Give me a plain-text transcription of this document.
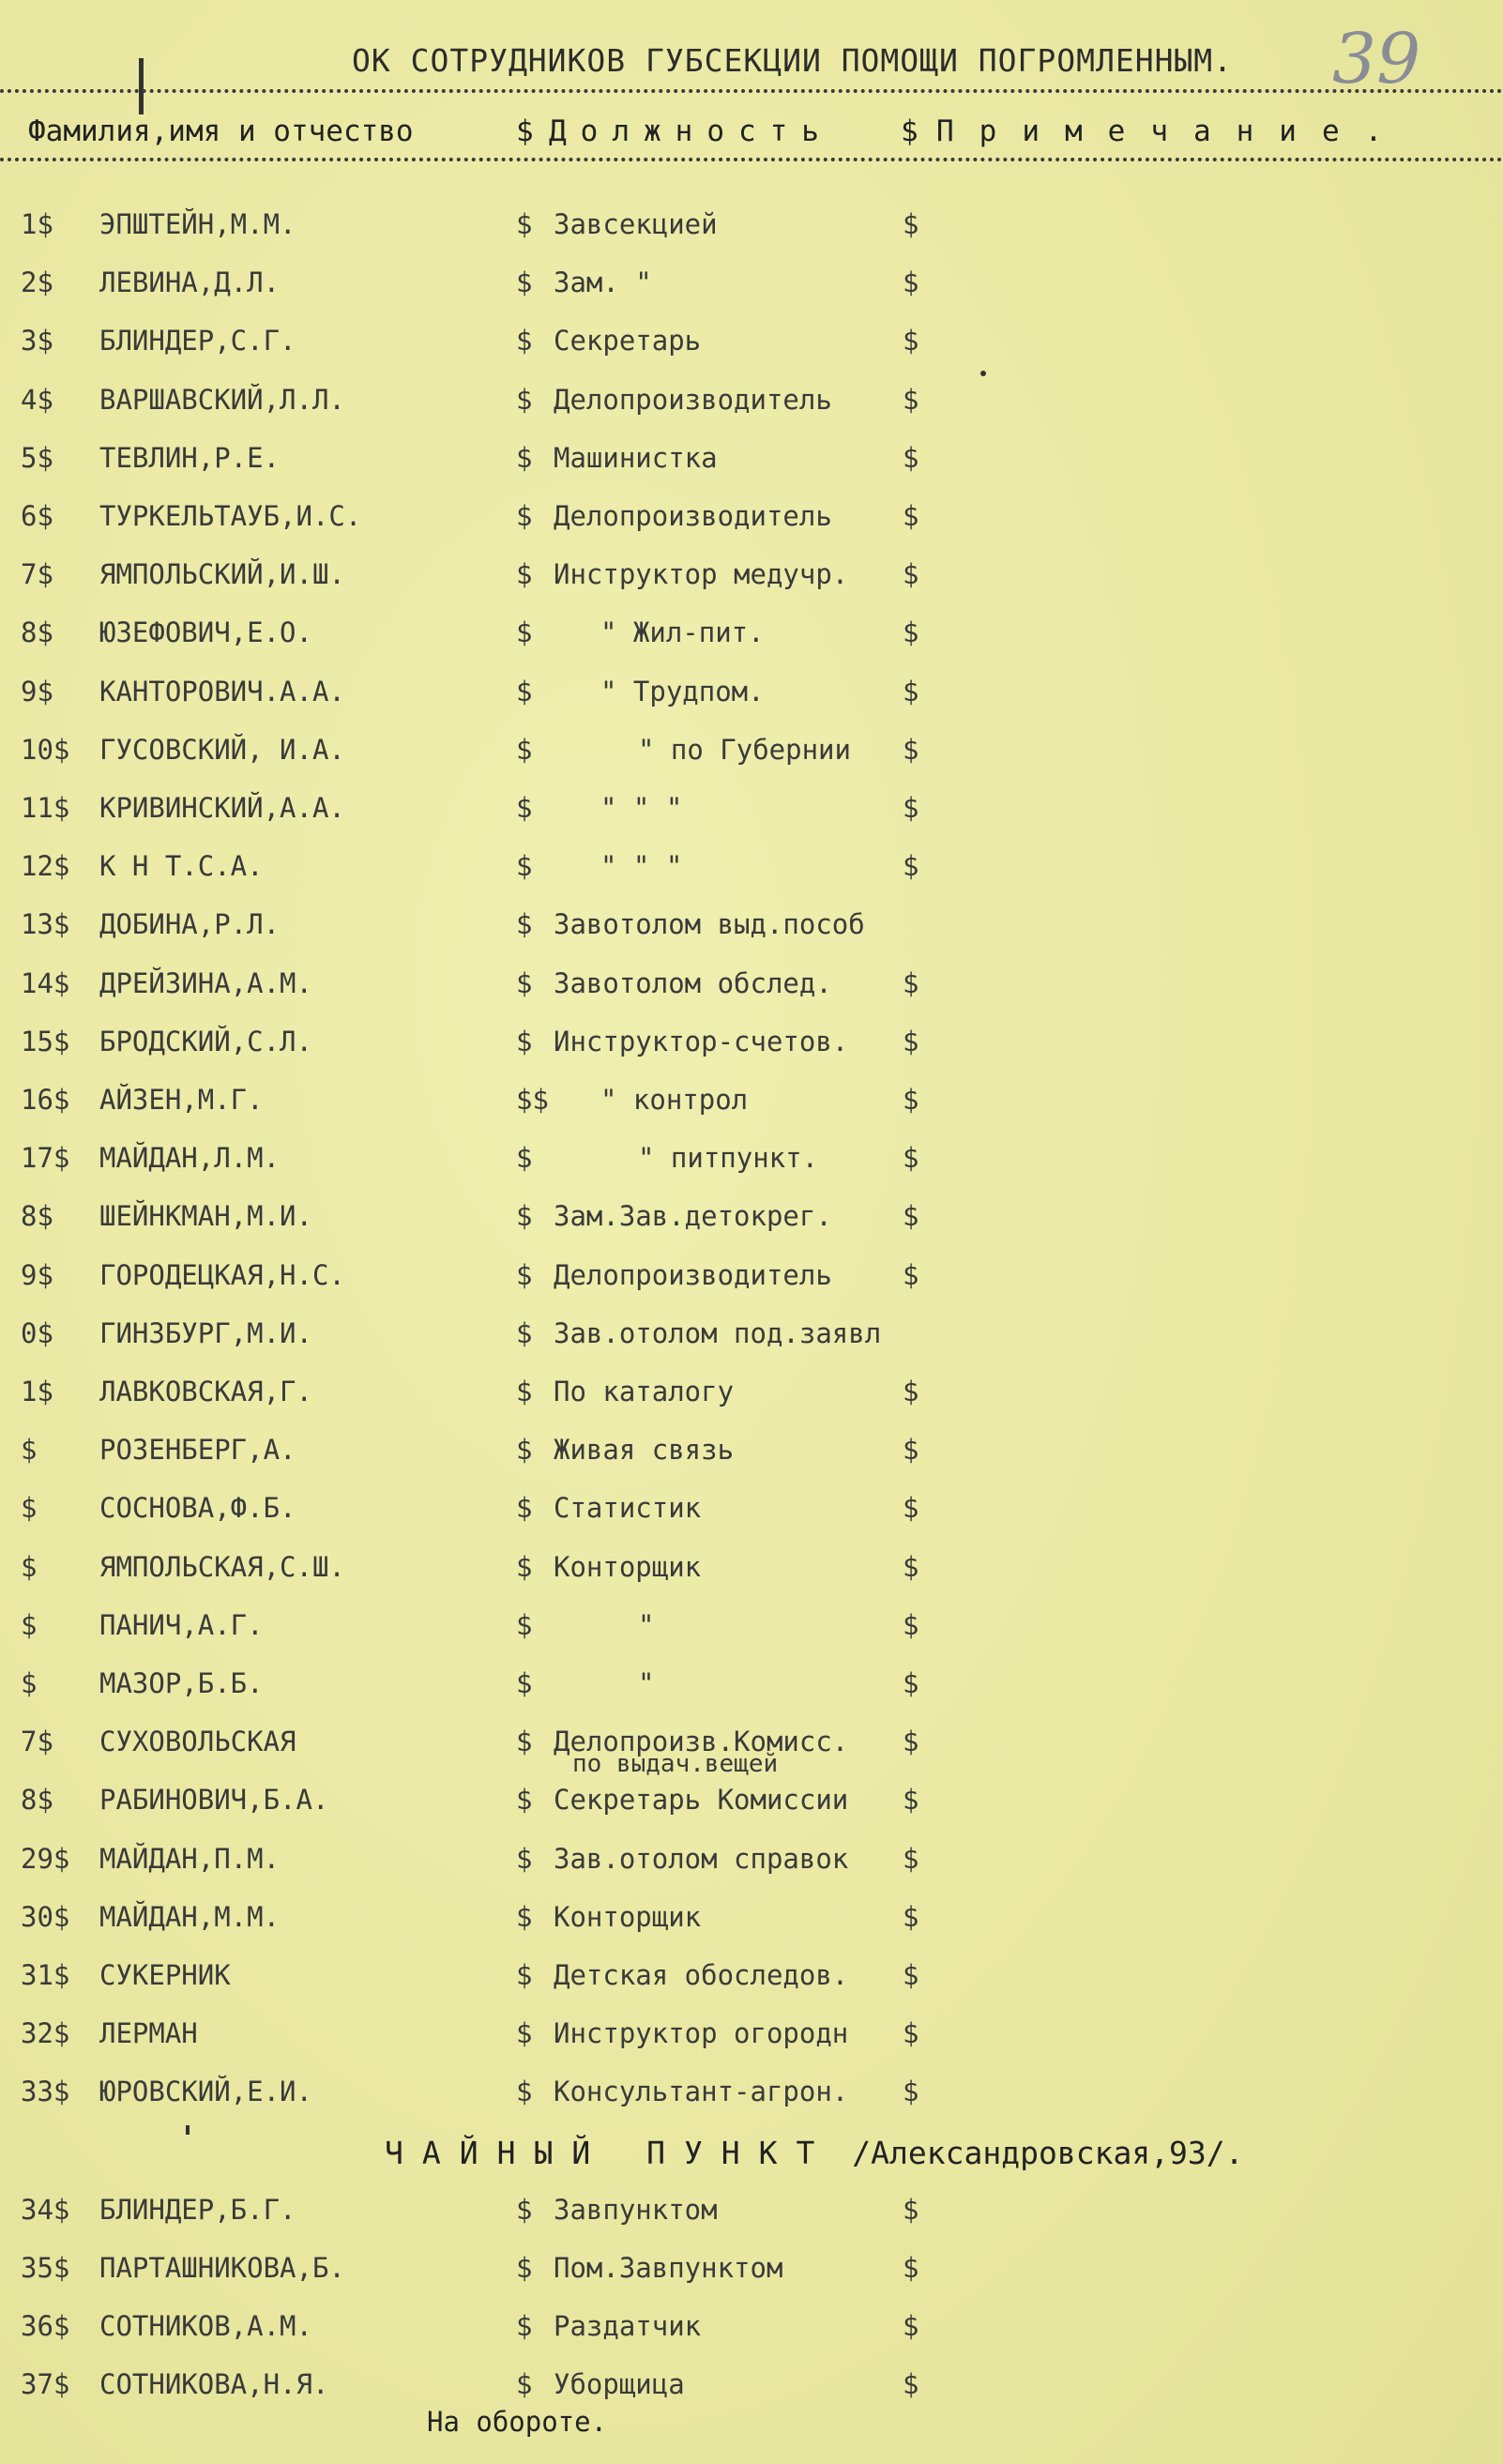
39
ОК СОТРУДНИКОВ ГУБСЕКЦИИ ПОМОЩИ ПОГРОМЛЕННЫМ.
Фамилия,имя и отчество	$ Должность $ Примечание.
1$ ЭПШТЕЙН,М.М.	$ Завсекцией	$
2$ ЛЕВИНА,Д.Л.	$ Зам. "	$
3$ БЛИНДЕР,С.Г.	$ Секретарь	$
4$ ВАРШАВСКИЙ,Л.Л.	$ Делопроизводитель	$
5$ ТЕВЛИН,Р.Е.	$ Машинистка	$
6$ ТУРКЕЛЬТАУБ,И.С.	$ Делопроизводитель	$
7$ ЯМПОЛЬСКИЙ,И.Ш.	$ Инструктор медучр. $
8$ ЮЗЕФОВИЧ,Е.О.	$	" Жил-пит.	$
9$ КАНТОРОВИЧ.А.А.	$	" Трудпом.	$
10$ ГУСОВСКИЙ, И.А.	$	" по Губернии $
11$ КРИВИНСКИЙ,А.А.	$	" " "	$
12$ К Н Т.С.А.	$	" " "	$
13$ ДОБИНА,Р.Л.	$ Завотолом выд.пособ
14$ ДРЕЙЗИНА,А.М.	$ Завотолом обслед.	$
15$ БРОДСКИЙ,С.Л.	$ Инструктор-счетов. $
16$ АЙЗЕН,М.Г.	$$ " контрол	$
17$ МАЙДАН,Л.М.	$	" питпункт.	$
8$ ШЕЙНКМАН,М.И.	$ Зам.Зав.детокрег.	$
9$ ГОРОДЕЦКАЯ,Н.С.	$ Делопроизводитель	$
0$ ГИНЗБУРГ,М.И.	$ Зав.отолом под.заявл
1$ ЛАВКОВСКАЯ,Г.	$ По каталогу	$
$ РОЗЕНБЕРГ,А.	$ Живая связь	$
$ СОСНОВА,Ф.Б.	$ Статистик	$
$ ЯМПОЛЬСКАЯ,С.Ш.	$ Конторщик	$
$ ПАНИЧ,А.Г.	$	"	$
$ МАЗОР,Б.Б.	$	"	$
7$ СУХОВОЛЬСКАЯ	$ Делопроизв.Комисс. $
по выдач.вещей
8$ РАБИНОВИЧ,Б.А.	$ Секретарь Комиссии $
29$ МАЙДАН,П.М.	$ Зав.отолом справок $
30$ МАЙДАН,М.М.	$ Конторщик	$
31$ СУКЕРНИК	$ Детская обоследов. $
32$ ЛЕРМАН	$ Инструктор огородн $
33$ ЮРОВСКИЙ,Е.И.	$ Консультант-агрон. $
34$ БЛИНДЕР,Б.Г.	$ Завпунктом	$
35$ ПАРТАШНИКОВА,Б.	$ Пом.Завпунктом	$
36$ СОТНИКОВ,А.М.	$ Раздатчик	$
37$ СОТНИКОВА,Н.Я.	$ Уборщица	$
ЧАЙНЫЙ ПУНКТ /Александровская,93/.
На обороте.
